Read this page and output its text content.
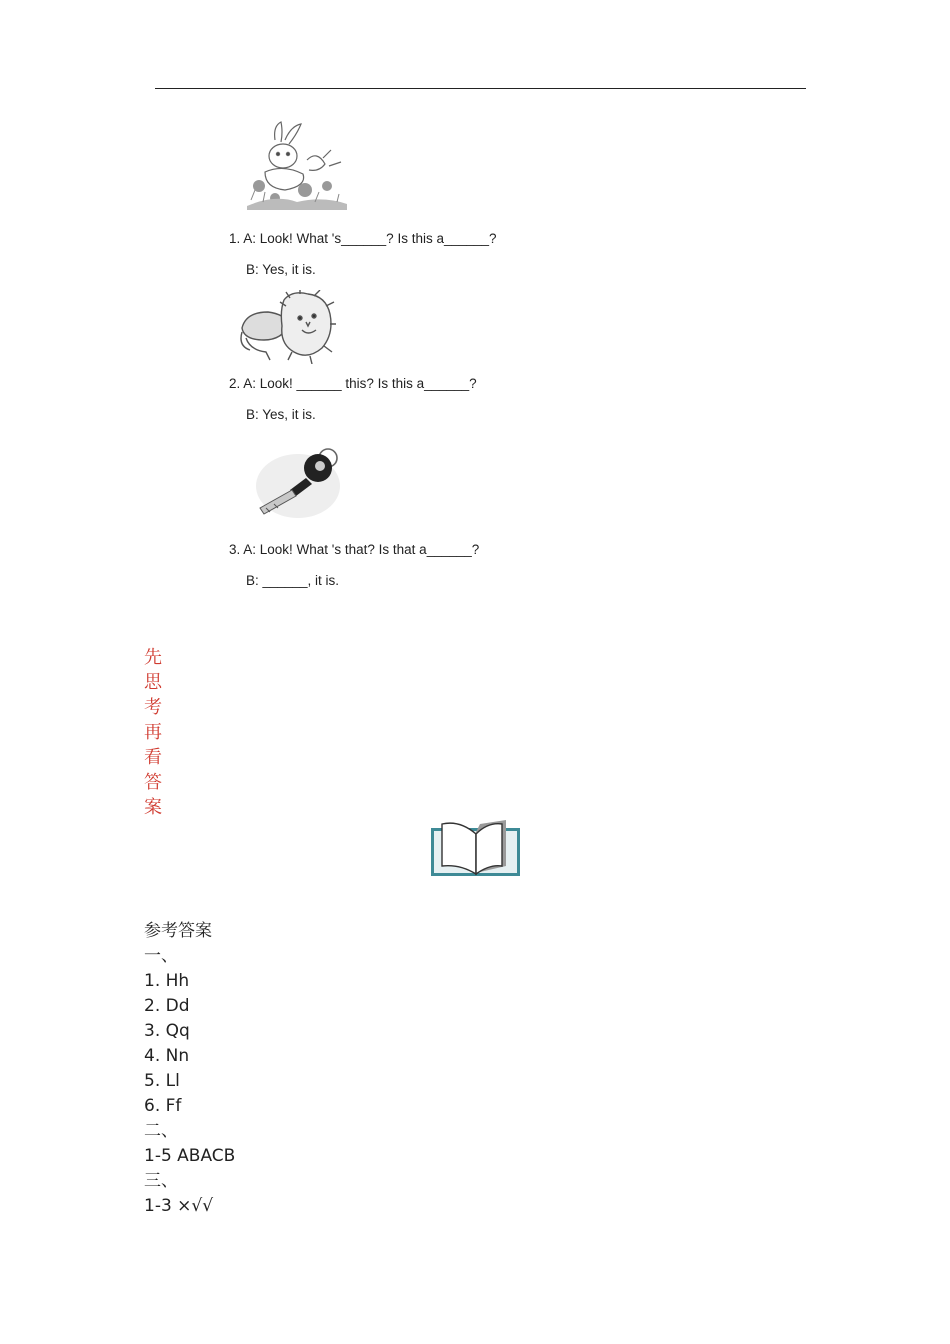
1. A: Look! What 's______? Is this a______?
B: Yes, it is.
2. A: Look! ______ this? Is this a______?
B: Yes, it is.
3. A: Look! What 's that? Is that a______?
B: ______, it is.
先
思
考
再
看
答
案
参考答案
一、
1. Hh
2. Dd
3. Qq
4. Nn
5. Ll
6. Ff
二、
1-5 ABACB
三、
1-3 ×√√
